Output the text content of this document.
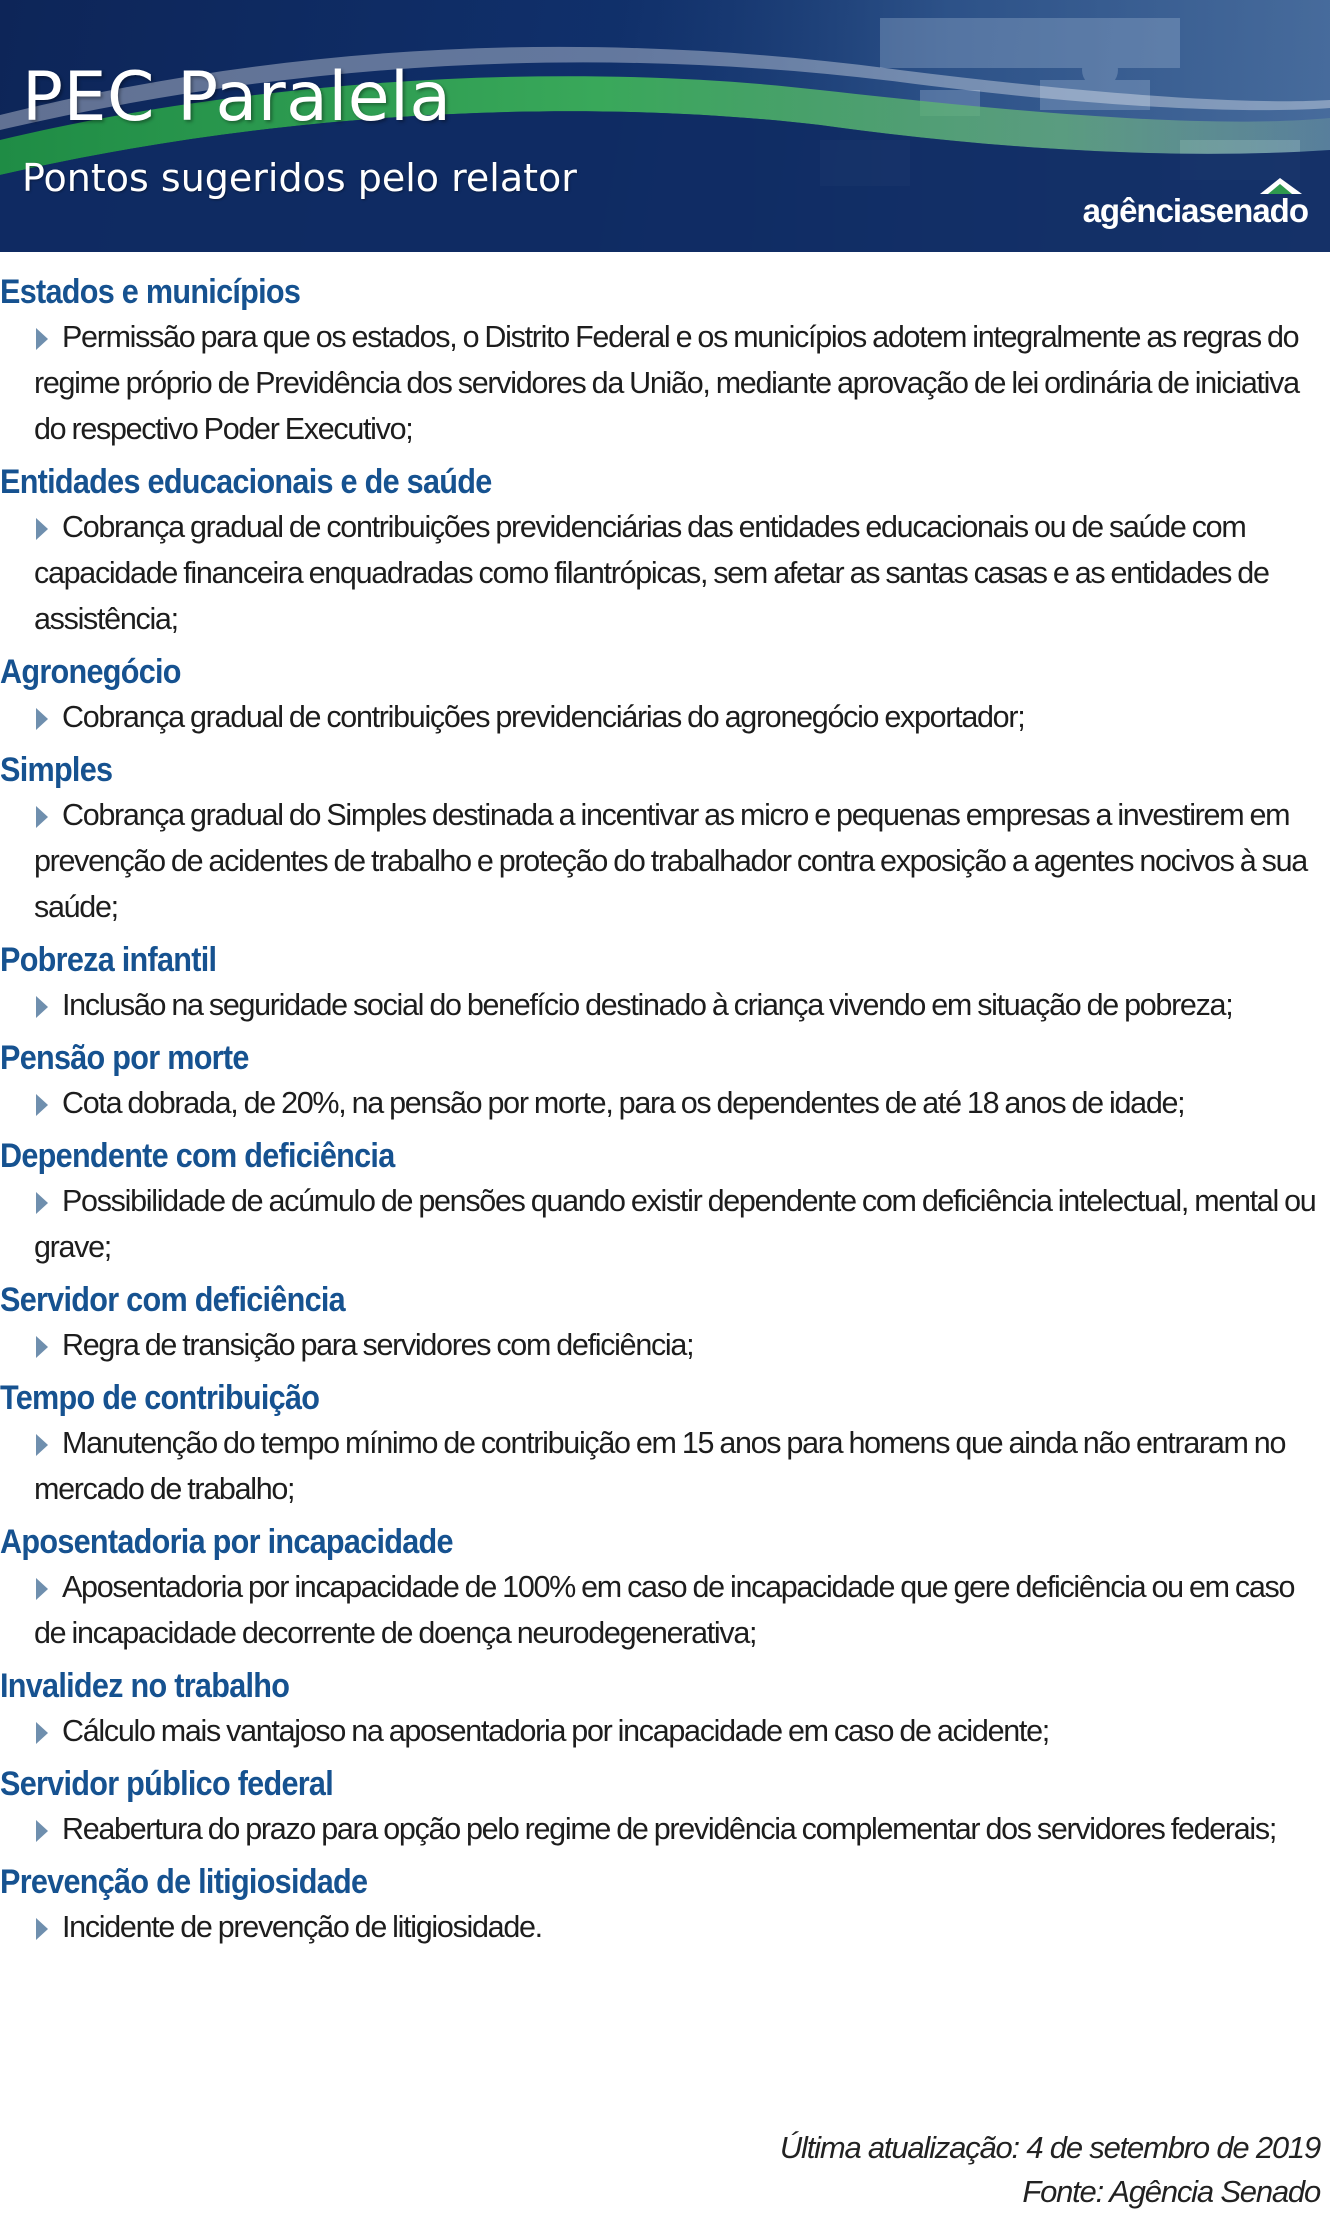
PEC Paralela
Pontos sugeridos pelo relator
agênciasenado
Estados e municípios
Permissão para que os estados, o Distrito Federal e os municípios adotem integralmente as regras do regime próprio de Previdência dos servidores da União, mediante aprovação de lei ordinária de iniciativa do respectivo Poder Executivo;
Entidades educacionais e de saúde
Cobrança gradual de contribuições previdenciárias das entidades educacionais ou de saúde com capacidade financeira enquadradas como filantrópicas, sem afetar as santas casas e as entidades de assistência;
Agronegócio
Cobrança gradual de contribuições previdenciárias do agronegócio exportador;
Simples
Cobrança gradual do Simples destinada a incentivar as micro e pequenas empresas a investirem em prevenção de acidentes de trabalho e proteção do trabalhador contra exposição a agentes nocivos à sua saúde;
Pobreza infantil
Inclusão na seguridade social do benefício destinado à criança vivendo em situação de pobreza;
Pensão por morte
Cota dobrada, de 20%, na pensão por morte, para os dependentes de até 18 anos de idade;
Dependente com deficiência
Possibilidade de acúmulo de pensões quando existir dependente com deficiência intelectual, mental ou grave;
Servidor com deficiência
Regra de transição para servidores com deficiência;
Tempo de contribuição
Manutenção do tempo mínimo de contribuição em 15 anos para homens que ainda não entraram no mercado de trabalho;
Aposentadoria por incapacidade
Aposentadoria por incapacidade de 100% em caso de incapacidade que gere deficiência ou em caso de incapacidade decorrente de doença neurodegenerativa;
Invalidez no trabalho
Cálculo mais vantajoso na aposentadoria por incapacidade em caso de acidente;
Servidor público federal
Reabertura do prazo para opção pelo regime de previdência complementar dos servidores federais;
Prevenção de litigiosidade
Incidente de prevenção de litigiosidade.
Última atualização: 4 de setembro de 2019
Fonte: Agência Senado
